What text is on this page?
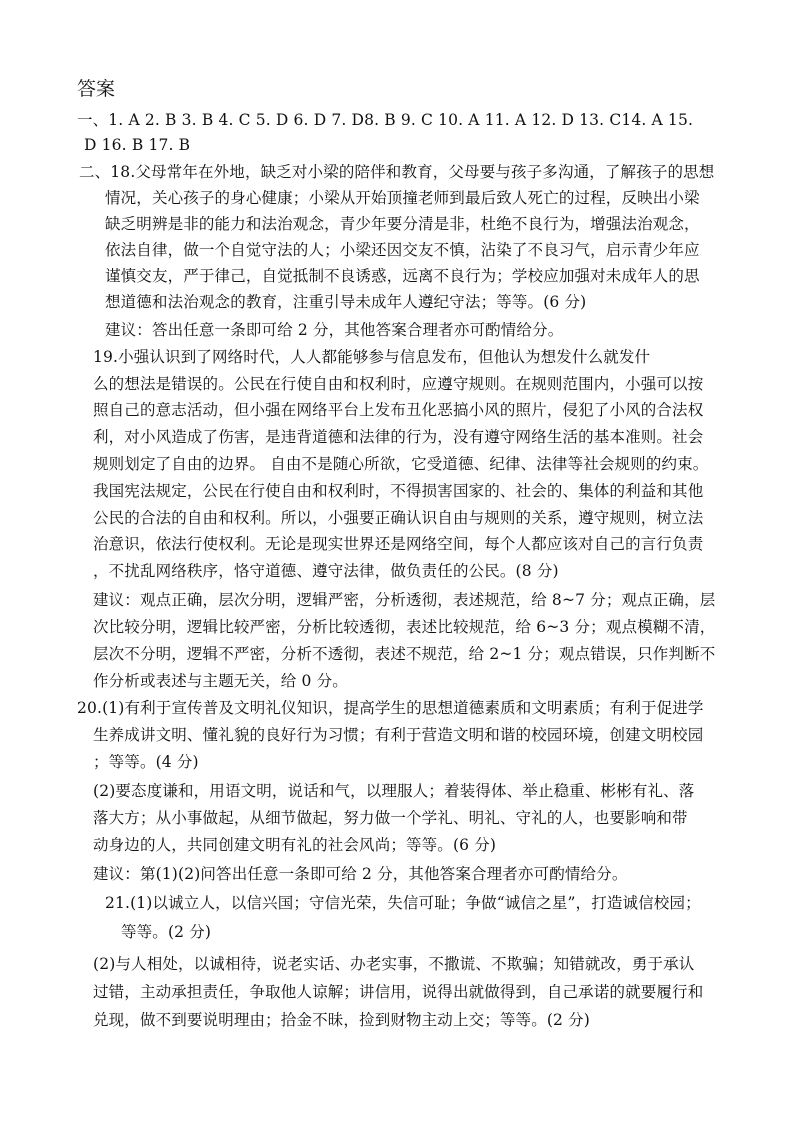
答案
一、1. A 2. B 3. B 4. C 5. D 6. D 7. D8. B 9. C 10. A 11. A 12. D 13. C14. A 15.
D 16. B 17. B
二、18.父母常年在外地，缺乏对小梁的陪伴和教育，父母要与孩子多沟通，了解孩子的思想
情况，关心孩子的身心健康；小梁从开始顶撞老师到最后致人死亡的过程，反映出小梁
缺乏明辨是非的能力和法治观念，青少年要分清是非，杜绝不良行为，增强法治观念，
依法自律，做一个自觉守法的人；小梁还因交友不慎，沾染了不良习气，启示青少年应
谨慎交友，严于律己，自觉抵制不良诱惑，远离不良行为；学校应加强对未成年人的思
想道德和法治观念的教育，注重引导未成年人遵纪守法；等等。(6 分)
建议：答出任意一条即可给 2 分，其他答案合理者亦可酌情给分。
19.小强认识到了网络时代，人人都能够参与信息发布，但他认为想发什么就发什
么的想法是错误的。公民在行使自由和权利时，应遵守规则。在规则范围内，小强可以按
照自己的意志活动，但小强在网络平台上发布丑化恶搞小风的照片，侵犯了小风的合法权
利，对小风造成了伤害，是违背道德和法律的行为，没有遵守网络生活的基本准则。社会
规则划定了自由的边界。 自由不是随心所欲，它受道德、纪律、法律等社会规则的约束。
我国宪法规定，公民在行使自由和权利时，不得损害国家的、社会的、集体的利益和其他
公民的合法的自由和权利。所以，小强要正确认识自由与规则的关系，遵守规则，树立法
治意识，依法行使权利。无论是现实世界还是网络空间，每个人都应该对自己的言行负责
，不扰乱网络秩序，恪守道德、遵守法律，做负责任的公民。(8 分)
建议：观点正确，层次分明，逻辑严密，分析透彻，表述规范，给 8~7 分；观点正确，层
次比较分明，逻辑比较严密，分析比较透彻，表述比较规范，给 6~3 分；观点模糊不清，
层次不分明，逻辑不严密，分析不透彻，表述不规范，给 2~1 分；观点错误，只作判断不
作分析或表述与主题无关，给 0 分。
20.(1)有利于宣传普及文明礼仪知识，提高学生的思想道德素质和文明素质；有利于促进学
生养成讲文明、懂礼貌的良好行为习惯；有利于营造文明和谐的校园环境，创建文明校园
；等等。(4 分)
(2)要态度谦和，用语文明，说话和气，以理服人；着装得体、举止稳重、彬彬有礼、落
落大方；从小事做起，从细节做起，努力做一个学礼、明礼、守礼的人，也要影响和带
动身边的人，共同创建文明有礼的社会风尚；等等。(6 分)
建议：第(1)(2)问答出任意一条即可给 2 分，其他答案合理者亦可酌情给分。
21.(1)以诚立人，以信兴国；守信光荣，失信可耻；争做“诚信之星”，打造诚信校园；
等等。(2 分)
(2)与人相处，以诚相待，说老实话、办老实事，不撒谎、不欺骗；知错就改，勇于承认
过错，主动承担责任，争取他人谅解；讲信用，说得出就做得到，自己承诺的就要履行和
兑现，做不到要说明理由；拾金不昧，捡到财物主动上交；等等。(2 分)
